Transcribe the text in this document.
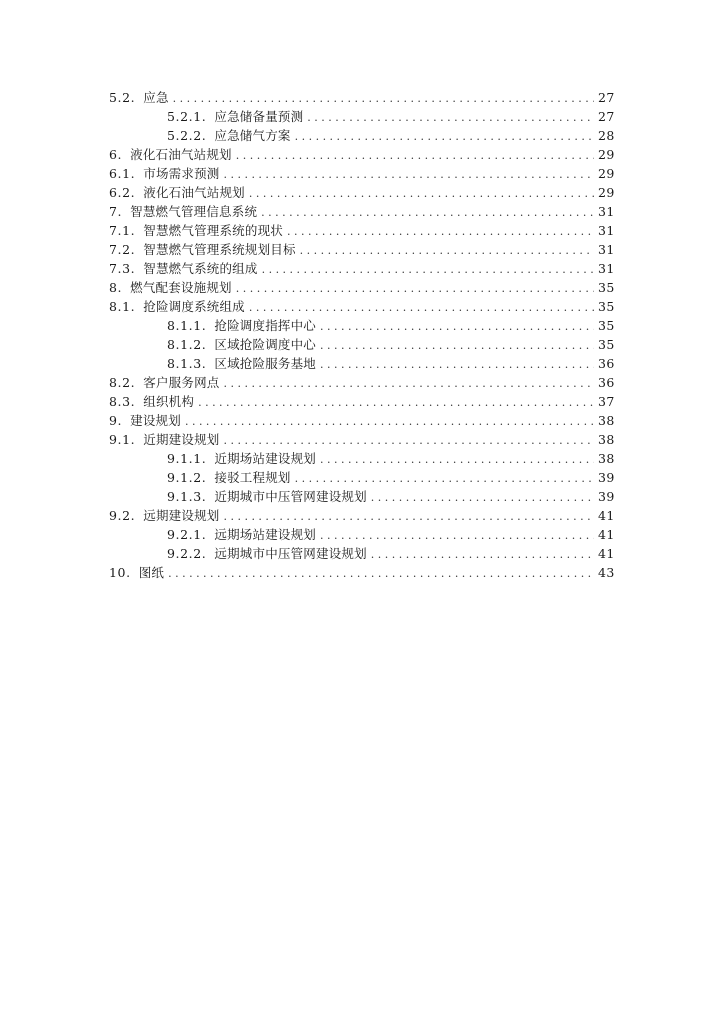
5.2. 应急 . . .	27
5.2.1. 应急储备量预测 . . .	27
5.2.2. 应急储气方案 . . .	28
6. 液化石油气站规划 . . .	29
6.1. 市场需求预测 . . .	29
6.2. 液化石油气站规划 . . .	29
7. 智慧燃气管理信息系统 . . .	31
7.1. 智慧燃气管理系统的现状 . . .	31
7.2. 智慧燃气管理系统规划目标 . . .	31
7.3. 智慧燃气系统的组成 . . .	31
8. 燃气配套设施规划 . . .	35
8.1. 抢险调度系统组成 . . .	35
8.1.1. 抢险调度指挥中心 . . .	35
8.1.2. 区域抢险调度中心 . . .	35
8.1.3. 区域抢险服务基地 . . .	36
8.2. 客户服务网点 . . .	36
8.3. 组织机构 . . .	37
9. 建设规划 . . .	38
9.1. 近期建设规划 . . .	38
9.1.1. 近期场站建设规划 . . .	38
9.1.2. 接驳工程规划 . . .	39
9.1.3. 近期城市中压管网建设规划 . . .	39
9.2. 远期建设规划 . . .	41
9.2.1. 远期场站建设规划 . . .	41
9.2.2. 远期城市中压管网建设规划 . . .	41
10. 图纸 . . .	43
